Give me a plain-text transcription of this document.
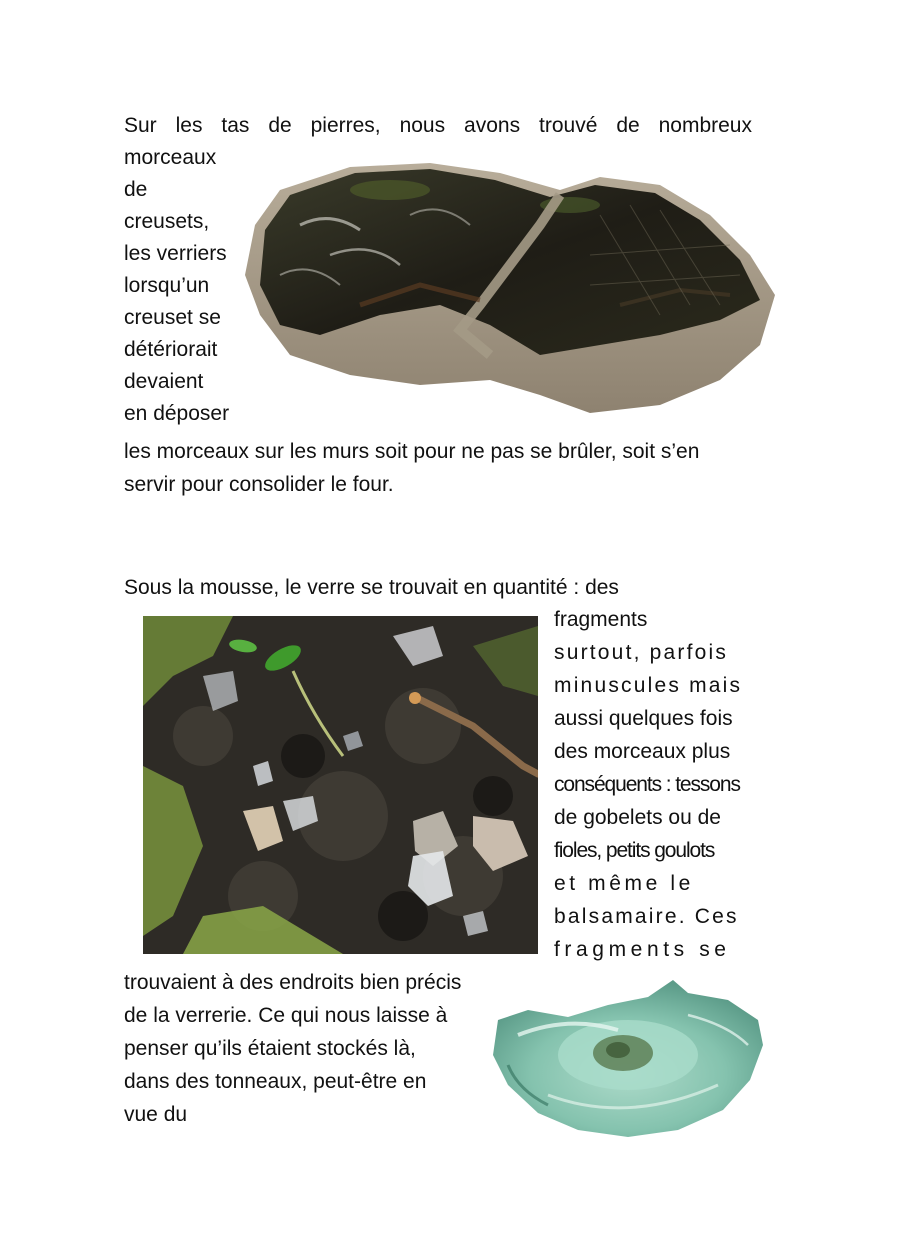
Sur les tas de pierres, nous avons trouvé de nombreux
morceaux
de
creusets,
les verriers
lorsqu’un
creuset se
détériorait
devaient
en déposer
les morceaux sur les murs soit pour ne pas se brûler, soit s’en
servir pour consolider le four.
Sous la mousse, le verre se trouvait en quantité : des
fragments
surtout, parfois
minuscules mais
aussi quelques fois
des morceaux plus
conséquents : tessons
de gobelets ou de
fioles, petits goulots
et même le
balsamaire. Ces
fragments se
trouvaient à des endroits bien précis
de la verrerie. Ce qui nous laisse à
penser qu’ils étaient stockés là,
dans des tonneaux, peut-être en
vue du
